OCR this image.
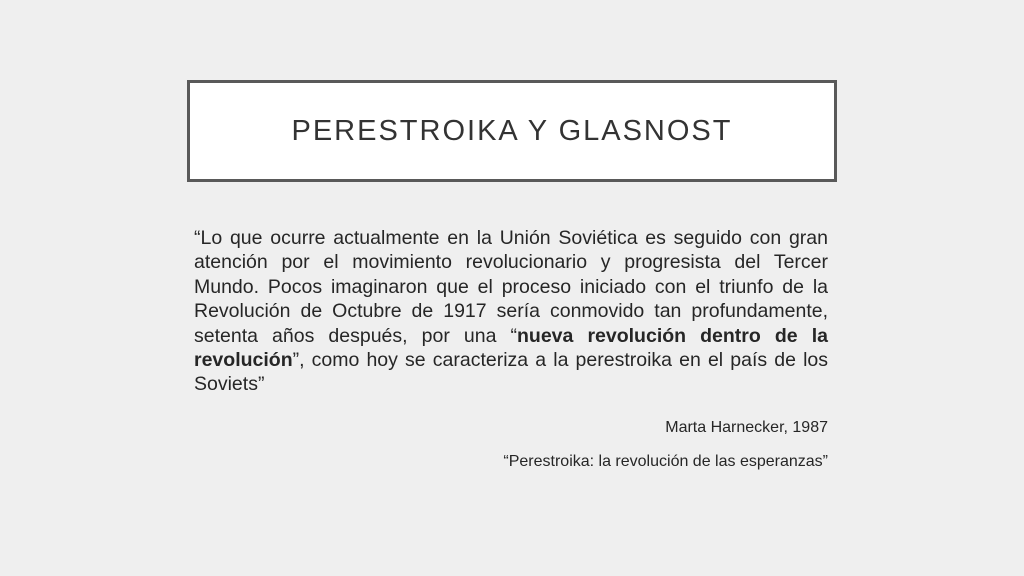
PERESTROIKA Y GLASNOST

“Lo que ocurre actualmente en la Unión Soviética es seguido con gran atención por el movimiento revolucionario y progresista del Tercer Mundo. Pocos imaginaron que el proceso iniciado con el triunfo de la Revolución de Octubre de 1917 sería conmovido tan profundamente, setenta años después, por una “nueva revolución dentro de la revolución”, como hoy se caracteriza a la perestroika en el país de los Soviets”

Marta Harnecker, 1987
“Perestroika: la revolución de las esperanzas”
